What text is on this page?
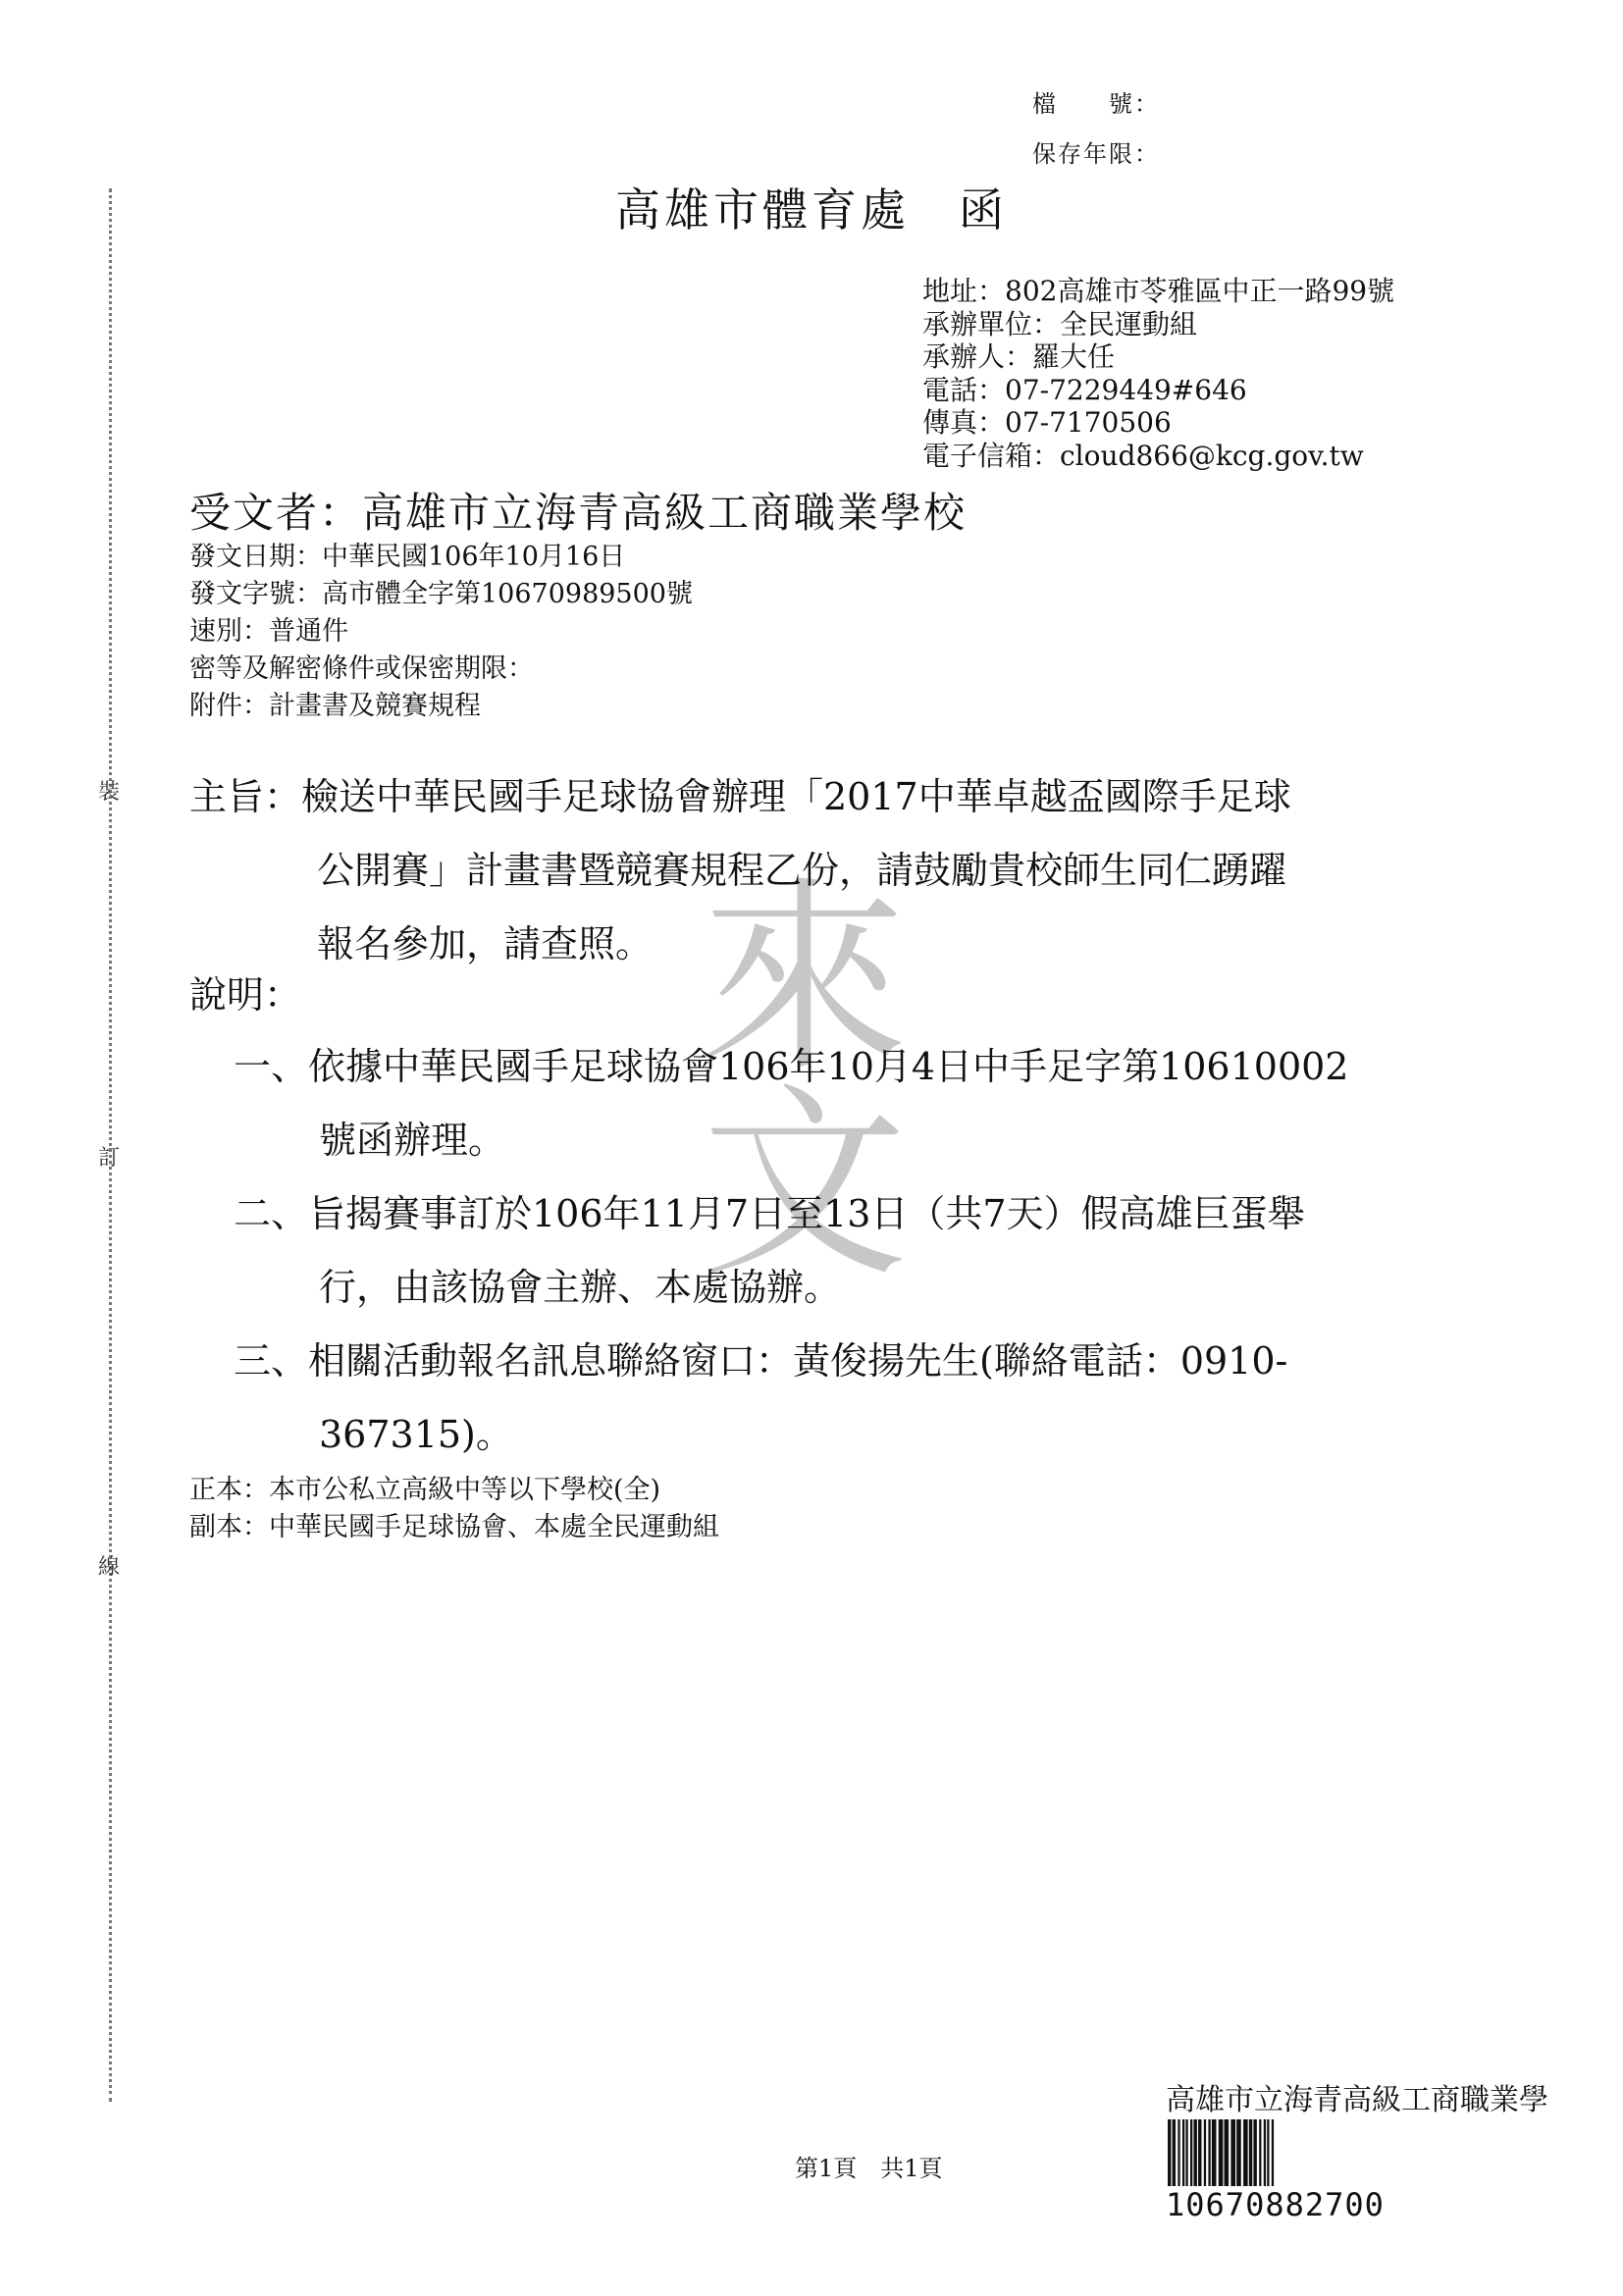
裝
訂
線
檔　　號：
保存年限：
高雄市體育處　函

地址：802高雄市苓雅區中正一路99號

承辦單位：全民運動組

承辦人：羅大任

電話：07-7229449#646

傳真：07-7170506

電子信箱：cloud866@kcg.gov.tw

受文者：高雄市立海青高級工商職業學校

發文日期：中華民國106年10月16日

發文字號：高市體全字第10670989500號

速別：普通件

密等及解密條件或保密期限：

附件：計畫書及競賽規程

來
文

主旨：檢送中華民國手足球協會辦理「2017中華卓越盃國際手足球

公開賽」計畫書暨競賽規程乙份，請鼓勵貴校師生同仁踴躍

報名參加，請查照。

說明：

一、依據中華民國手足球協會106年10月4日中手足字第10610002

號函辦理。

二、旨揭賽事訂於106年11月7日至13日（共7天）假高雄巨蛋舉

行，由該協會主辦、本處協辦。

三、相關活動報名訊息聯絡窗口：黃俊揚先生(聯絡電話：0910-

367315)。

正本：本市公私立高級中等以下學校(全)

副本：中華民國手足球協會、本處全民運動組

第1頁　共1頁
高雄市立海青高級工商職業學
10670882700
